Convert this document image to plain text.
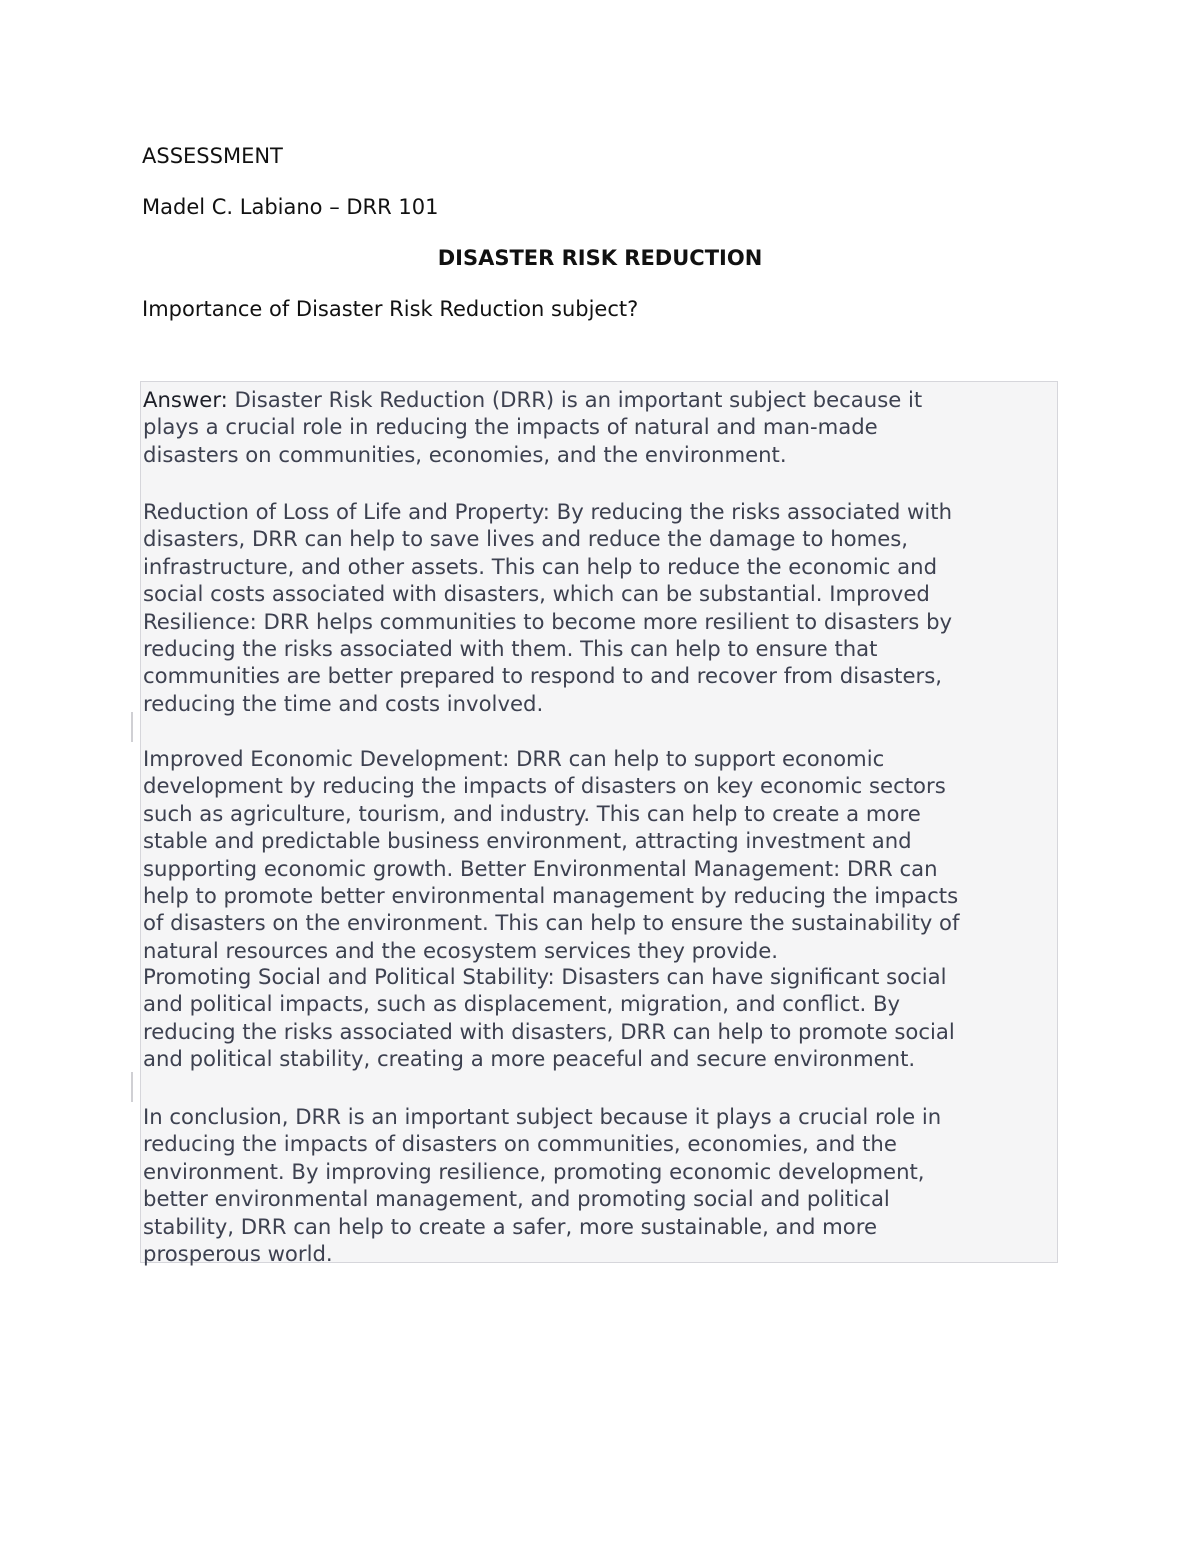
ASSESSMENT
Madel C. Labiano – DRR 101
DISASTER RISK REDUCTION
Importance of Disaster Risk Reduction subject?
Answer: Disaster Risk Reduction (DRR) is an important subject because it
plays a crucial role in reducing the impacts of natural and man-made
disasters on communities, economies, and the environment.
Reduction of Loss of Life and Property: By reducing the risks associated with
disasters, DRR can help to save lives and reduce the damage to homes,
infrastructure, and other assets. This can help to reduce the economic and
social costs associated with disasters, which can be substantial. Improved
Resilience: DRR helps communities to become more resilient to disasters by
reducing the risks associated with them. This can help to ensure that
communities are better prepared to respond to and recover from disasters,
reducing the time and costs involved.
Improved Economic Development: DRR can help to support economic
development by reducing the impacts of disasters on key economic sectors
such as agriculture, tourism, and industry. This can help to create a more
stable and predictable business environment, attracting investment and
supporting economic growth. Better Environmental Management: DRR can
help to promote better environmental management by reducing the impacts
of disasters on the environment. This can help to ensure the sustainability of
natural resources and the ecosystem services they provide.
Promoting Social and Political Stability: Disasters can have significant social
and political impacts, such as displacement, migration, and conflict. By
reducing the risks associated with disasters, DRR can help to promote social
and political stability, creating a more peaceful and secure environment.
In conclusion, DRR is an important subject because it plays a crucial role in
reducing the impacts of disasters on communities, economies, and the
environment. By improving resilience, promoting economic development,
better environmental management, and promoting social and political
stability, DRR can help to create a safer, more sustainable, and more
prosperous world.
